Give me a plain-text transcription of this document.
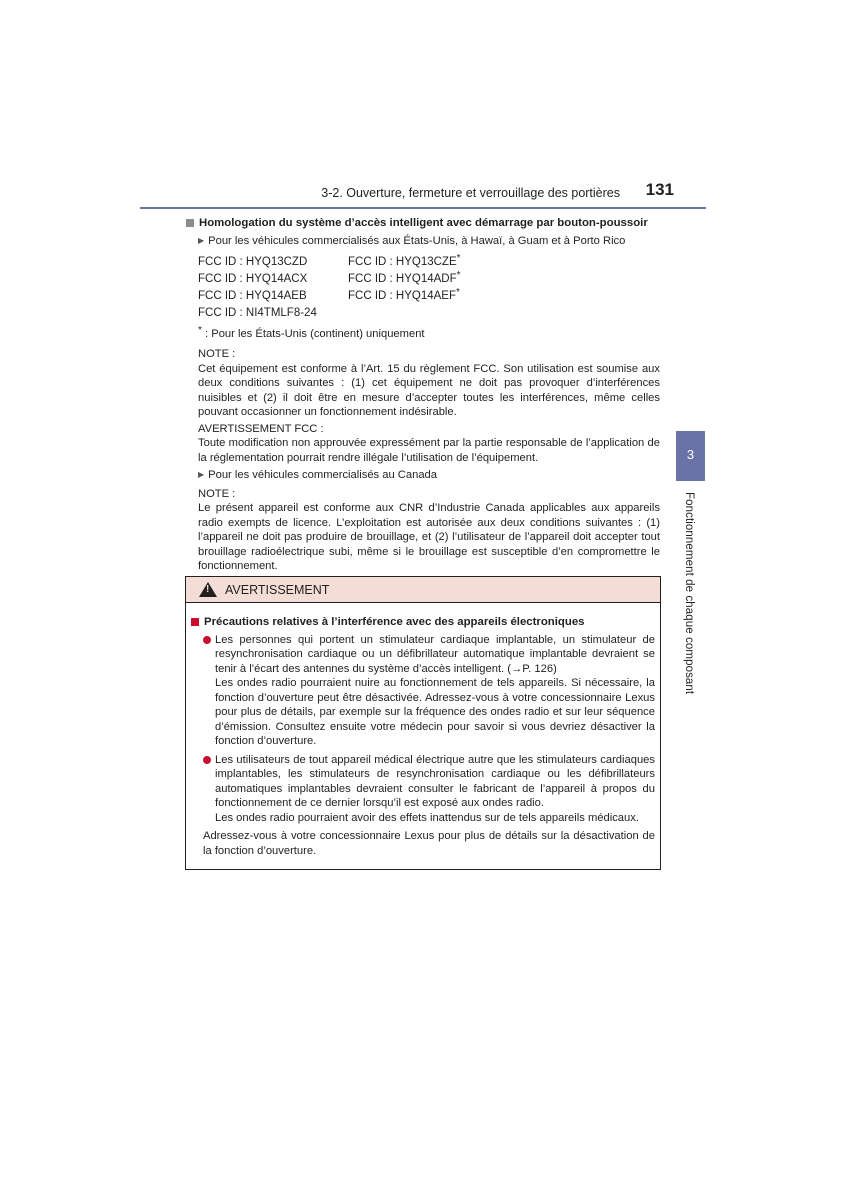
3-2. Ouverture, fermeture et verrouillage des portières	131
3
Fonctionnement de chaque composant
Homologation du système d’accès intelligent avec démarrage par bouton-poussoir
▶ Pour les véhicules commercialisés aux États-Unis, à Hawaï, à Guam et à Porto Rico
FCC ID : HYQ13CZD	FCC ID : HYQ13CZE*
FCC ID : HYQ14ACX	FCC ID : HYQ14ADF*
FCC ID : HYQ14AEB	FCC ID : HYQ14AEF*
FCC ID : NI4TMLF8-24
* : Pour les États-Unis (continent) uniquement
NOTE :
Cet équipement est conforme à l’Art. 15 du règlement FCC. Son utilisation est soumise aux deux conditions suivantes : (1) cet équipement ne doit pas provoquer d’interférences nuisibles et (2) il doit être en mesure d’accepter toutes les interférences, même celles pouvant occasionner un fonctionnement indésirable.
AVERTISSEMENT FCC :
Toute modification non approuvée expressément par la partie responsable de l’application de la réglementation pourrait rendre illégale l’utilisation de l’équipement.
▶ Pour les véhicules commercialisés au Canada
NOTE :
Le présent appareil est conforme aux CNR d’Industrie Canada applicables aux appareils radio exempts de licence. L’exploitation est autorisée aux deux conditions suivantes : (1) l’appareil ne doit pas produire de brouillage, et (2) l’utilisateur de l’appareil doit accepter tout brouillage radioélectrique subi, même si le brouillage est susceptible d’en compromettre le fonctionnement.
! AVERTISSEMENT
Précautions relatives à l’interférence avec des appareils électroniques
Les personnes qui portent un stimulateur cardiaque implantable, un stimulateur de resynchronisation cardiaque ou un défibrillateur automatique implantable devraient se tenir à l’écart des antennes du système d’accès intelligent. (→P. 126)
Les ondes radio pourraient nuire au fonctionnement de tels appareils. Si nécessaire, la fonction d’ouverture peut être désactivée. Adressez-vous à votre concessionnaire Lexus pour plus de détails, par exemple sur la fréquence des ondes radio et sur leur séquence d’émission. Consultez ensuite votre médecin pour savoir si vous devriez désactiver la fonction d’ouverture.
Les utilisateurs de tout appareil médical électrique autre que les stimulateurs cardiaques implantables, les stimulateurs de resynchronisation cardiaque ou les défibrillateurs automatiques implantables devraient consulter le fabricant de l’appareil à propos du fonctionnement de ce dernier lorsqu’il est exposé aux ondes radio.
Les ondes radio pourraient avoir des effets inattendus sur de tels appareils médicaux.
Adressez-vous à votre concessionnaire Lexus pour plus de détails sur la désactivation de la fonction d’ouverture.
